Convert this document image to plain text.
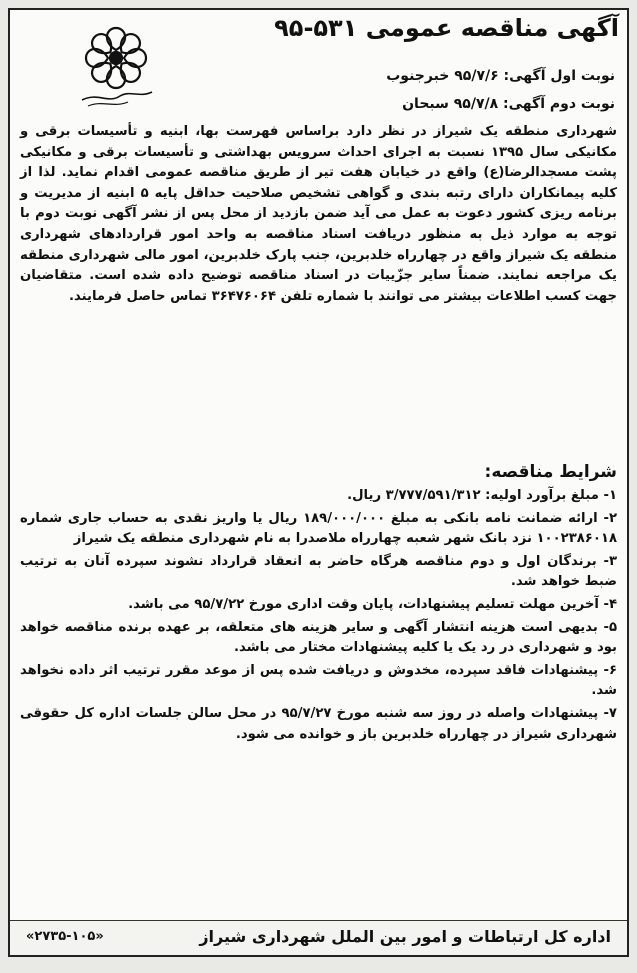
آگهی مناقصه عمومی ۵۳۱-۹۵
نوبت اول آگهی: ۹۵/۷/۶ خبرجنوب
نوبت دوم آگهی: ۹۵/۷/۸ سبحان
شهرداری منطقه یک شیراز در نظر دارد براساس فهرست بها، ابنیه و تأسیسات برقی و مکانیکی سال ۱۳۹۵ نسبت به اجرای احداث سرویس بهداشتی و تأسیسات برقی و مکانیکی پشت مسجدالرضا(ع) واقع در خیابان هفت تیر از طریق مناقصه عمومی اقدام نماید. لذا از کلیه پیمانکاران دارای رتبه بندی و گواهی تشخیص صلاحیت حداقل پایه ۵ ابنیه از مدیریت و برنامه ریزی کشور دعوت به عمل می آید ضمن بازدید از محل پس از نشر آگهی نوبت دوم با توجه به موارد ذیل به منظور دریافت اسناد مناقصه به واحد امور قراردادهای شهرداری منطقه یک شیراز واقع در چهارراه خلدبرین، جنب پارک خلدبرین، امور مالی شهرداری منطقه یک مراجعه نمایند. ضمناً سایر جزّییات در اسناد مناقصه توضیح داده شده است. متقاضیان جهت کسب اطلاعات بیشتر می توانند با شماره تلفن ۳۶۴۷۶۰۶۴ تماس حاصل فرمایند.
شرایط مناقصه:
۱- مبلغ برآورد اولیه: ۳/۷۷۷/۵۹۱/۳۱۲ ریال.
۲- ارائه ضمانت نامه بانکی به مبلغ ۱۸۹/۰۰۰/۰۰۰ ریال یا واریز نقدی به حساب جاری شماره ۱۰۰۲۳۸۶۰۱۸ نزد بانک شهر شعبه چهارراه ملاصدرا به نام شهرداری منطقه یک شیراز
۳- برندگان اول و دوم مناقصه هرگاه حاضر به انعقاد قرارداد نشوند سپرده آنان به ترتیب ضبط خواهد شد.
۴- آخرین مهلت تسلیم پیشنهادات، پایان وقت اداری مورخ ۹۵/۷/۲۲ می باشد.
۵- بدیهی است هزینه انتشار آگهی و سایر هزینه های متعلقه، بر عهده برنده مناقصه خواهد بود و شهرداری در رد یک یا کلیه پیشنهادات مختار می باشد.
۶- پیشنهادات فاقد سپرده، مخدوش و دریافت شده پس از موعد مقرر ترتیب اثر داده نخواهد شد.
۷- پیشنهادات واصله در روز سه شنبه مورخ ۹۵/۷/۲۷ در محل سالن جلسات اداره کل حقوقی شهرداری شیراز در چهارراه خلدبرین باز و خوانده می شود.
اداره کل ارتباطات و امور بین الملل شهرداری شیراز
«۲۷۳۵-۱۰۵»
